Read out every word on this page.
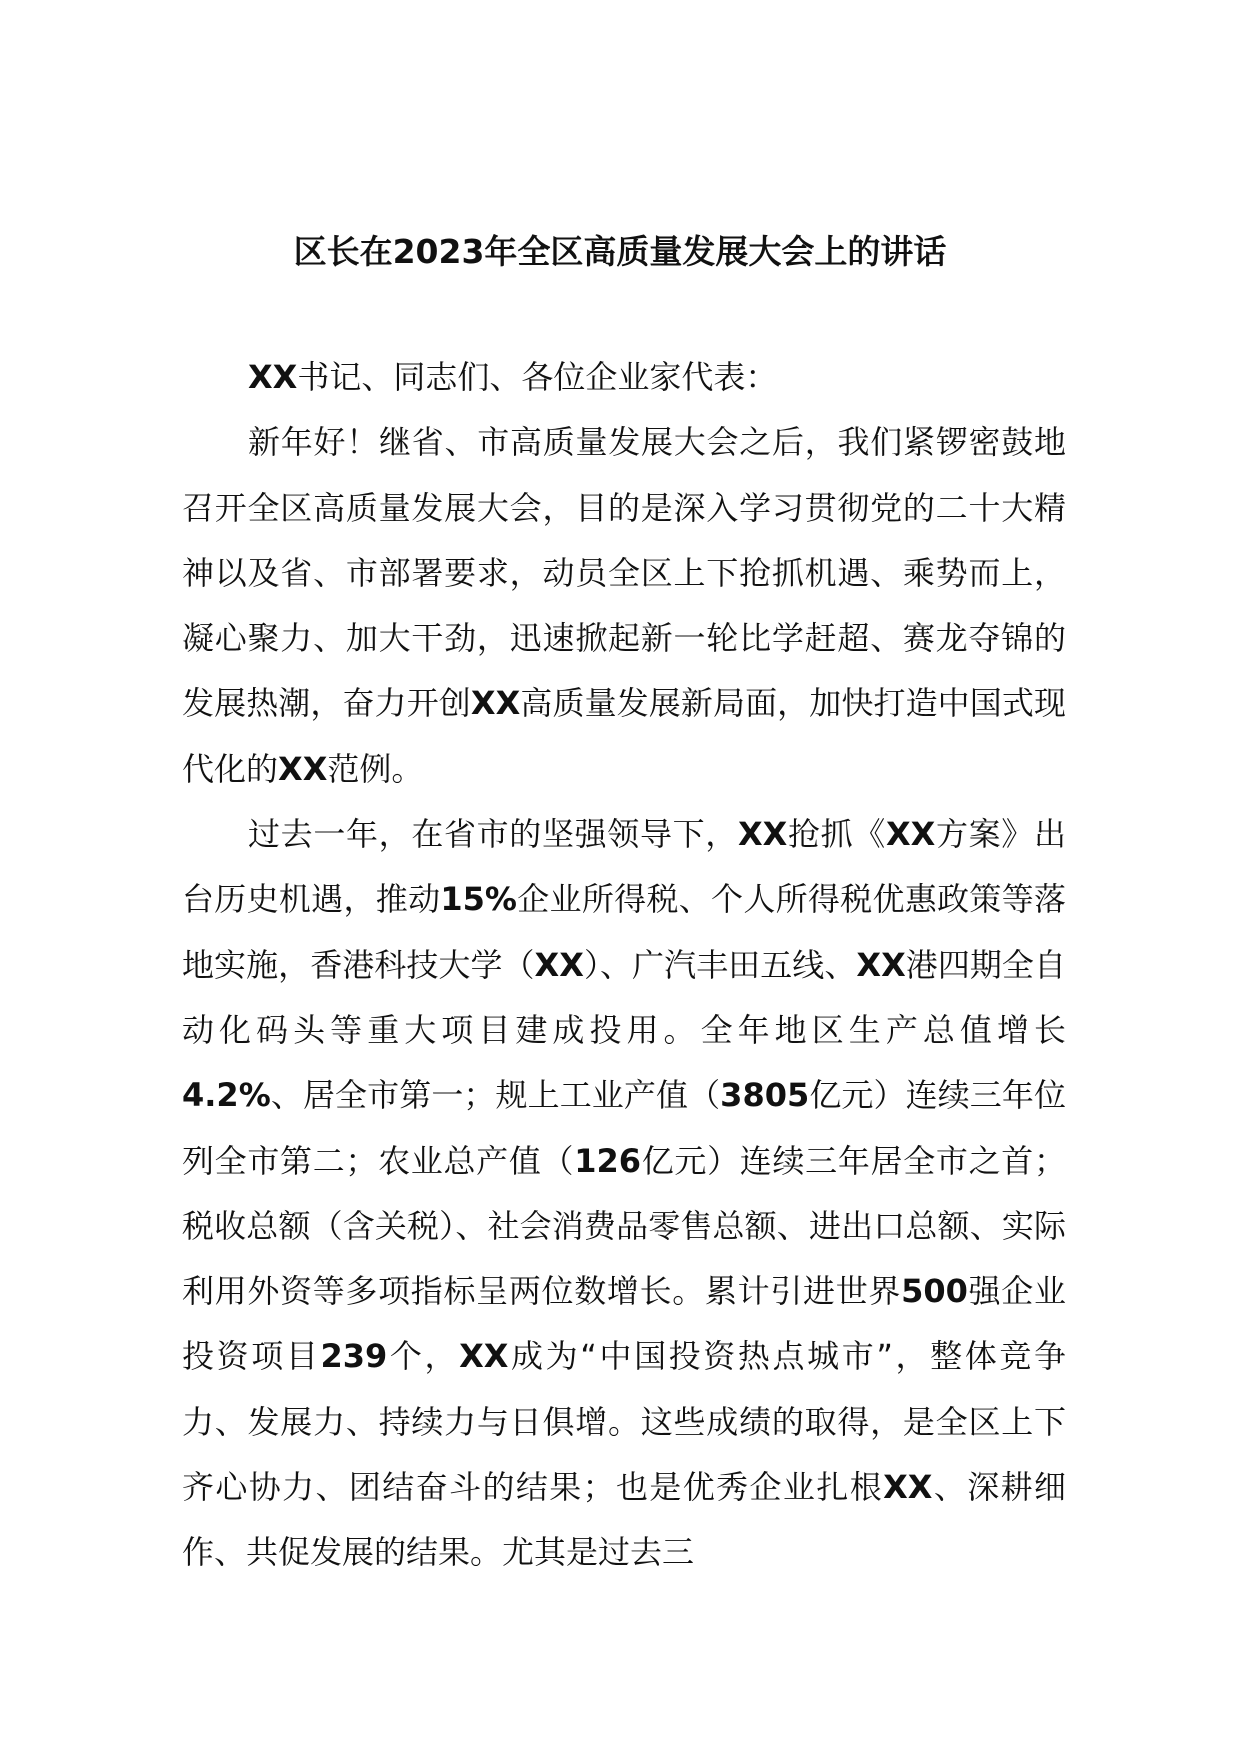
区长在2023年全区高质量发展大会上的讲话

XX书记、同志们、各位企业家代表：

新年好！继省、市高质量发展大会之后，我们紧锣密鼓地召开全区高质量发展大会，目的是深入学习贯彻党的二十大精神以及省、市部署要求，动员全区上下抢抓机遇、乘势而上，凝心聚力、加大干劲，迅速掀起新一轮比学赶超、赛龙夺锦的发展热潮，奋力开创XX高质量发展新局面，加快打造中国式现代化的XX范例。

过去一年，在省市的坚强领导下，XX抢抓《XX方案》出台历史机遇，推动15%企业所得税、个人所得税优惠政策等落地实施，香港科技大学（XX）、广汽丰田五线、XX港四期全自动化码头等重大项目建成投用。全年地区生产总值增长4.2%、居全市第一；规上工业产值（3805亿元）连续三年位列全市第二；农业总产值（126亿元）连续三年居全市之首；税收总额（含关税）、社会消费品零售总额、进出口总额、实际利用外资等多项指标呈两位数增长。累计引进世界500强企业投资项目239个，XX成为“中国投资热点城市”，整体竞争力、发展力、持续力与日俱增。这些成绩的取得，是全区上下齐心协力、团结奋斗的结果；也是优秀企业扎根XX、深耕细作、共促发展的结果。尤其是过去三
